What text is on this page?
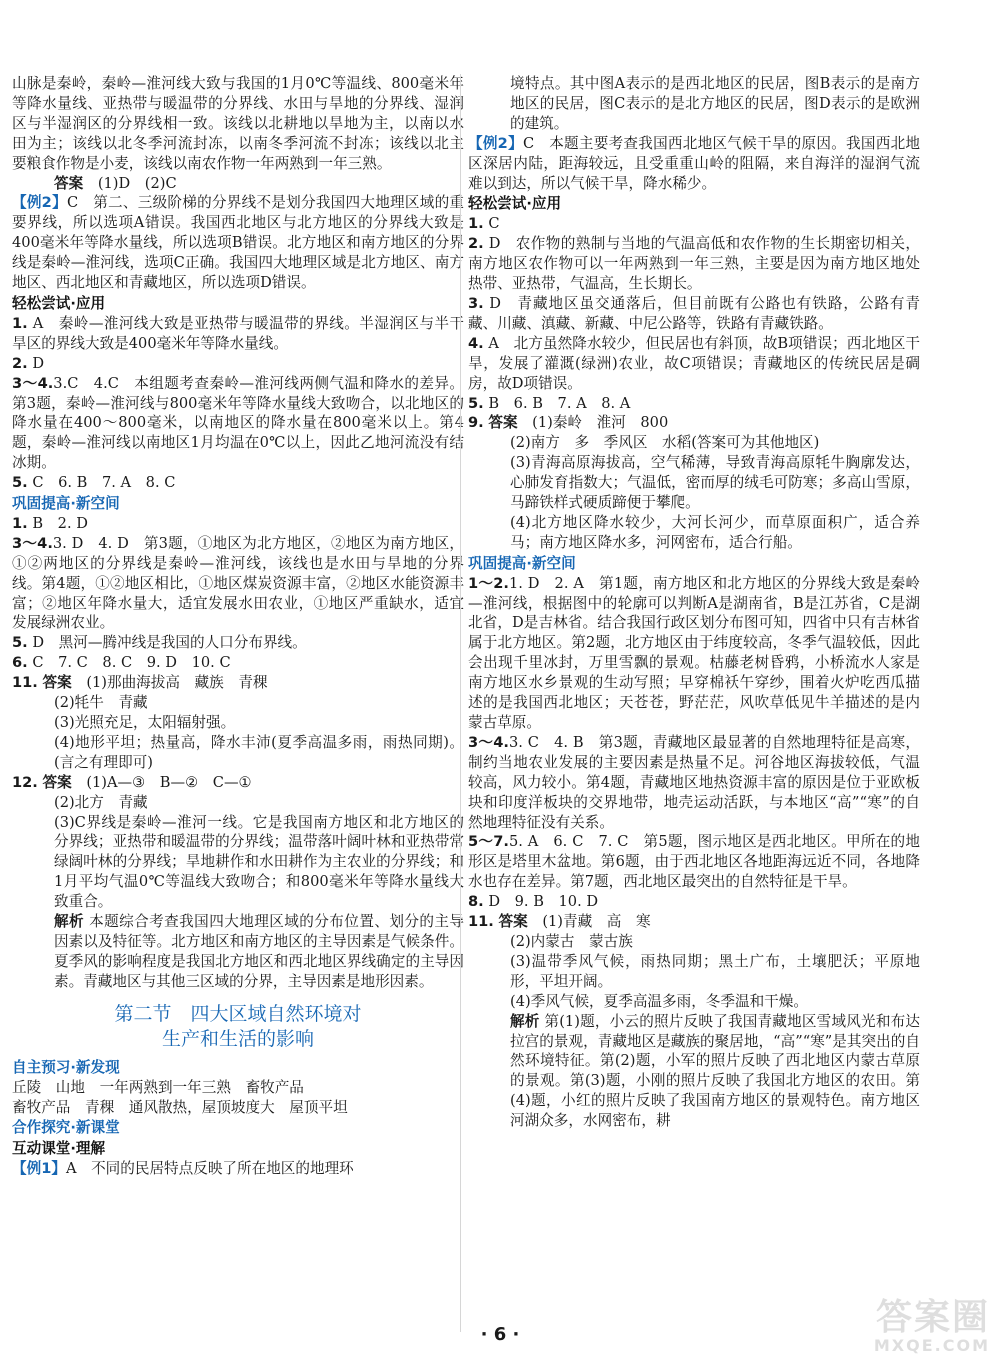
山脉是秦岭，秦岭—淮河线大致与我国的1月0℃等温线、800毫米年等降水量线、亚热带与暖温带的分界线、水田与旱地的分界线、湿润区与半湿润区的分界线相一致。该线以北耕地以旱地为主，以南以水田为主；该线以北冬季河流封冻，以南冬季河流不封冻；该线以北主要粮食作物是小麦，该线以南农作物一年两熟到一年三熟。

答案　 (1)D　(2)C

【例2】C　第二、三级阶梯的分界线不是划分我国四大地理区域的重要界线，所以选项A错误。我国西北地区与北方地区的分界线大致是400毫米年等降水量线，所以选项B错误。北方地区和南方地区的分界线是秦岭—淮河线，选项C正确。我国四大地理区域是北方地区、南方地区、西北地区和青藏地区，所以选项D错误。

轻松尝试·应用

1. A　秦岭—淮河线大致是亚热带与暖温带的界线。半湿润区与半干旱区的界线大致是400毫米年等降水量线。

2. D

3～4.3.C　4.C　本组题考查秦岭—淮河线两侧气温和降水的差异。第3题，秦岭—淮河线与800毫米年等降水量线大致吻合，以北地区的降水量在400～800毫米，以南地区的降水量在800毫米以上。第4题，秦岭—淮河线以南地区1月均温在0℃以上，因此乙地河流没有结冰期。

5. C　6. B　7. A　8. C

巩固提高·新空间

1. B　2. D

3～4.3. D　4. D　第3题，①地区为北方地区，②地区为南方地区，①②两地区的分界线是秦岭—淮河线，该线也是水田与旱地的分界线。第4题，①②地区相比，①地区煤炭资源丰富，②地区水能资源丰富；②地区年降水量大，适宜发展水田农业，①地区严重缺水，适宜发展绿洲农业。

5. D　黑河—腾冲线是我国的人口分布界线。

6. C　7. C　8. C　9. D　10. C

11. 答案　 (1)那曲海拔高　藏族　青稞

(2)牦牛　青藏

(3)光照充足，太阳辐射强。

(4)地形平坦；热量高，降水丰沛(夏季高温多雨，雨热同期)。(言之有理即可)

12. 答案　 (1)A—③　B—②　C—①

(2)北方　青藏

(3)C界线是秦岭—淮河一线。它是我国南方地区和北方地区的分界线；亚热带和暖温带的分界线；温带落叶阔叶林和亚热带常绿阔叶林的分界线；旱地耕作和水田耕作为主农业的分界线；和1月平均气温0℃等温线大致吻合；和800毫米年等降水量线大致重合。

解析 本题综合考查我国四大地理区域的分布位置、划分的主导因素以及特征等。北方地区和南方地区的主导因素是气候条件。夏季风的影响程度是我国北方地区和西北地区界线确定的主导因素。青藏地区与其他三区域的分界，主导因素是地形因素。

第二节　四大区域自然环境对
生产和生活的影响

自主预习·新发现

丘陵　山地　一年两熟到一年三熟　畜牧产品

畜牧产品　青稞　通风散热，屋顶坡度大　屋顶平坦

合作探究·新课堂

互动课堂·理解

【例1】A　不同的民居特点反映了所在地区的地理环

境特点。其中图A表示的是西北地区的民居，图B表示的是南方地区的民居，图C表示的是北方地区的民居，图D表示的是欧洲的建筑。

【例2】C　本题主要考查我国西北地区气候干旱的原因。我国西北地区深居内陆，距海较远，且受重重山岭的阻隔，来自海洋的湿润气流难以到达，所以气候干旱，降水稀少。

轻松尝试·应用

1. C

2. D　农作物的熟制与当地的气温高低和农作物的生长期密切相关，南方地区农作物可以一年两熟到一年三熟，主要是因为南方地区地处热带、亚热带，气温高，生长期长。

3. D　青藏地区虽交通落后，但目前既有公路也有铁路，公路有青藏、川藏、滇藏、新藏、中尼公路等，铁路有青藏铁路。

4. A　北方虽然降水较少，但民居也有斜顶，故B项错误；西北地区干旱，发展了灌溉(绿洲)农业，故C项错误；青藏地区的传统民居是碉房，故D项错误。

5. B　6. B　7. A　8. A

9. 答案　 (1)秦岭　淮河　800

(2)南方　多　季风区　水稻(答案可为其他地区)

(3)青海高原海拔高，空气稀薄，导致青海高原牦牛胸廓发达，心肺发育指数大；气温低，密而厚的绒毛可防寒；多高山雪原，马蹄铁样式硬质蹄便于攀爬。

(4)北方地区降水较少，大河长河少，而草原面积广，适合养马；南方地区降水多，河网密布，适合行船。

巩固提高·新空间

1～2.1. D　2. A　第1题，南方地区和北方地区的分界线大致是秦岭—淮河线，根据图中的轮廓可以判断A是湖南省，B是江苏省，C是湖北省，D是吉林省。结合我国行政区划分布图可知，四省中只有吉林省属于北方地区。第2题，北方地区由于纬度较高，冬季气温较低，因此会出现千里冰封，万里雪飘的景观。枯藤老树昏鸦，小桥流水人家是南方地区水乡景观的生动写照；早穿棉袄午穿纱，围着火炉吃西瓜描述的是我国西北地区；天苍苍，野茫茫，风吹草低见牛羊描述的是内蒙古草原。

3～4.3. C　4. B　第3题，青藏地区最显著的自然地理特征是高寒，制约当地农业发展的主要因素是热量不足。河谷地区海拔较低，气温较高，风力较小。第4题，青藏地区地热资源丰富的原因是位于亚欧板块和印度洋板块的交界地带，地壳运动活跃，与本地区“高”“寒”的自然地理特征没有关系。

5～7.5. A　6. C　7. C　第5题，图示地区是西北地区。甲所在的地形区是塔里木盆地。第6题，由于西北地区各地距海远近不同，各地降水也存在差异。第7题，西北地区最突出的自然特征是干旱。

8. D　9. B　10. D

11. 答案　 (1)青藏　高　寒

(2)内蒙古　蒙古族

(3)温带季风气候，雨热同期；黑土广布，土壤肥沃；平原地形，平坦开阔。

(4)季风气候，夏季高温多雨，冬季温和干燥。

解析 第(1)题，小云的照片反映了我国青藏地区雪域风光和布达拉宫的景观，青藏地区是藏族的聚居地，“高”“寒”是其突出的自然环境特征。第(2)题，小军的照片反映了西北地区内蒙古草原的景观。第(3)题，小刚的照片反映了我国北方地区的农田。第(4)题，小红的照片反映了我国南方地区的景观特色。南方地区河湖众多，水网密布，耕

· 6 ·	答案圈
MXQE.COM
